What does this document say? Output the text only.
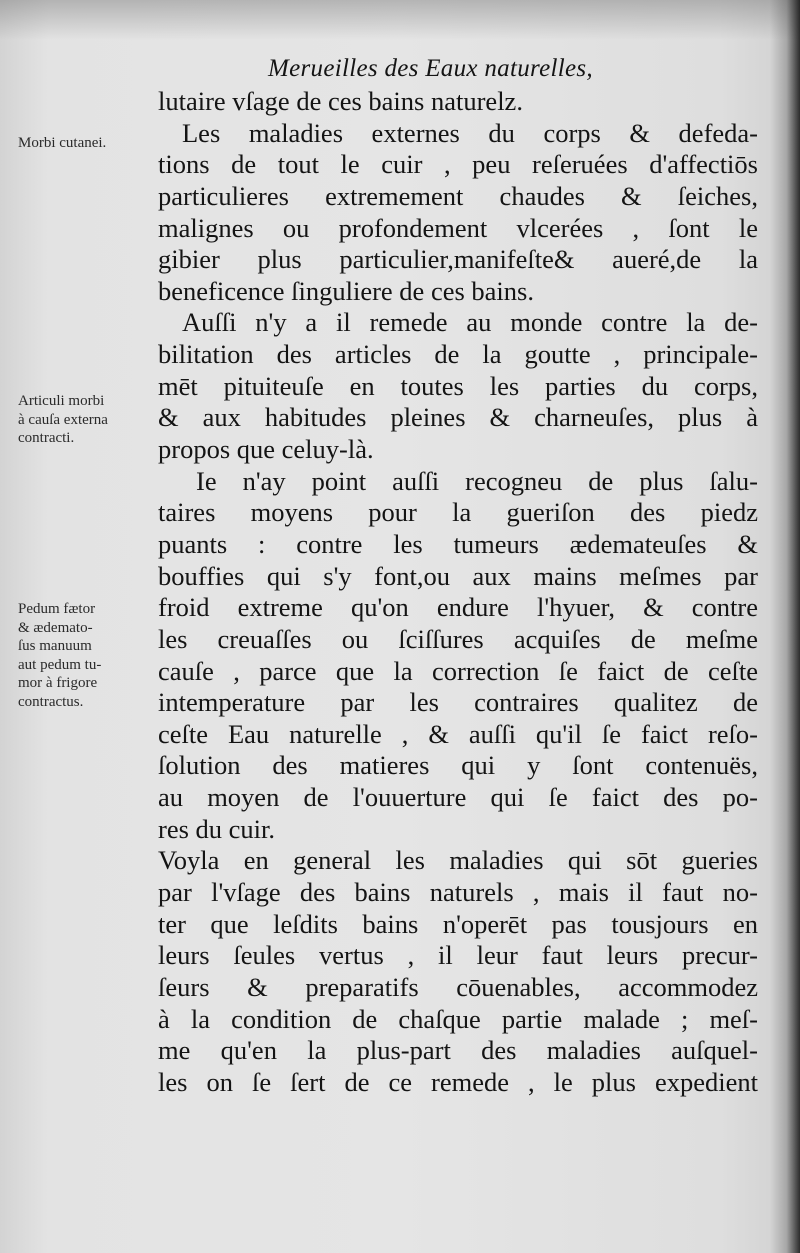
Merueilles des Eaux naturelles,
Morbi cutanei.
Articuli morbi
à cauſa externa
contracti.
Pedum fætor
& ædemato-
ſus manuum
aut pedum tu-
mor à frigore
contractus.
lutaire vſage de ces bains naturelz.
Les maladies externes du corps & defeda-
tions de tout le cuir , peu reſeruées d'affectiōs
particulieres extremement chaudes & ſeiches,
malignes ou profondement vlcerées , ſont le
gibier plus particulier,manifeſte& aueré,de la
beneficence ſinguliere de ces bains.
Auſſi n'y a il remede au monde contre la de-
bilitation des articles de la goutte , principale-
mēt pituiteuſe en toutes les parties du corps,
& aux habitudes pleines & charneuſes, plus à
propos que celuy-là.
Ie n'ay point auſſi recogneu de plus ſalu-
taires moyens pour la gueriſon des piedz
puants : contre les tumeurs ædemateuſes &
bouffies qui s'y font,ou aux mains meſmes par
froid extreme qu'on endure l'hyuer, & contre
les creuaſſes ou ſciſſures acquiſes de meſme
cauſe , parce que la correction ſe faict de ceſte
intemperature par les contraires qualitez de
ceſte Eau naturelle , & auſſi qu'il ſe faict reſo-
ſolution des matieres qui y ſont contenuës,
au moyen de l'ouuerture qui ſe faict des po-
res du cuir.
Voyla en general les maladies qui sōt gueries
par l'vſage des bains naturels , mais il faut no-
ter que leſdits bains n'operēt pas tousjours en
leurs ſeules vertus , il leur faut leurs precur-
ſeurs & preparatifs cōuenables, accommodez
à la condition de chaſque partie malade ; meſ-
me qu'en la plus-part des maladies auſquel-
les on ſe ſert de ce remede , le plus expedient
